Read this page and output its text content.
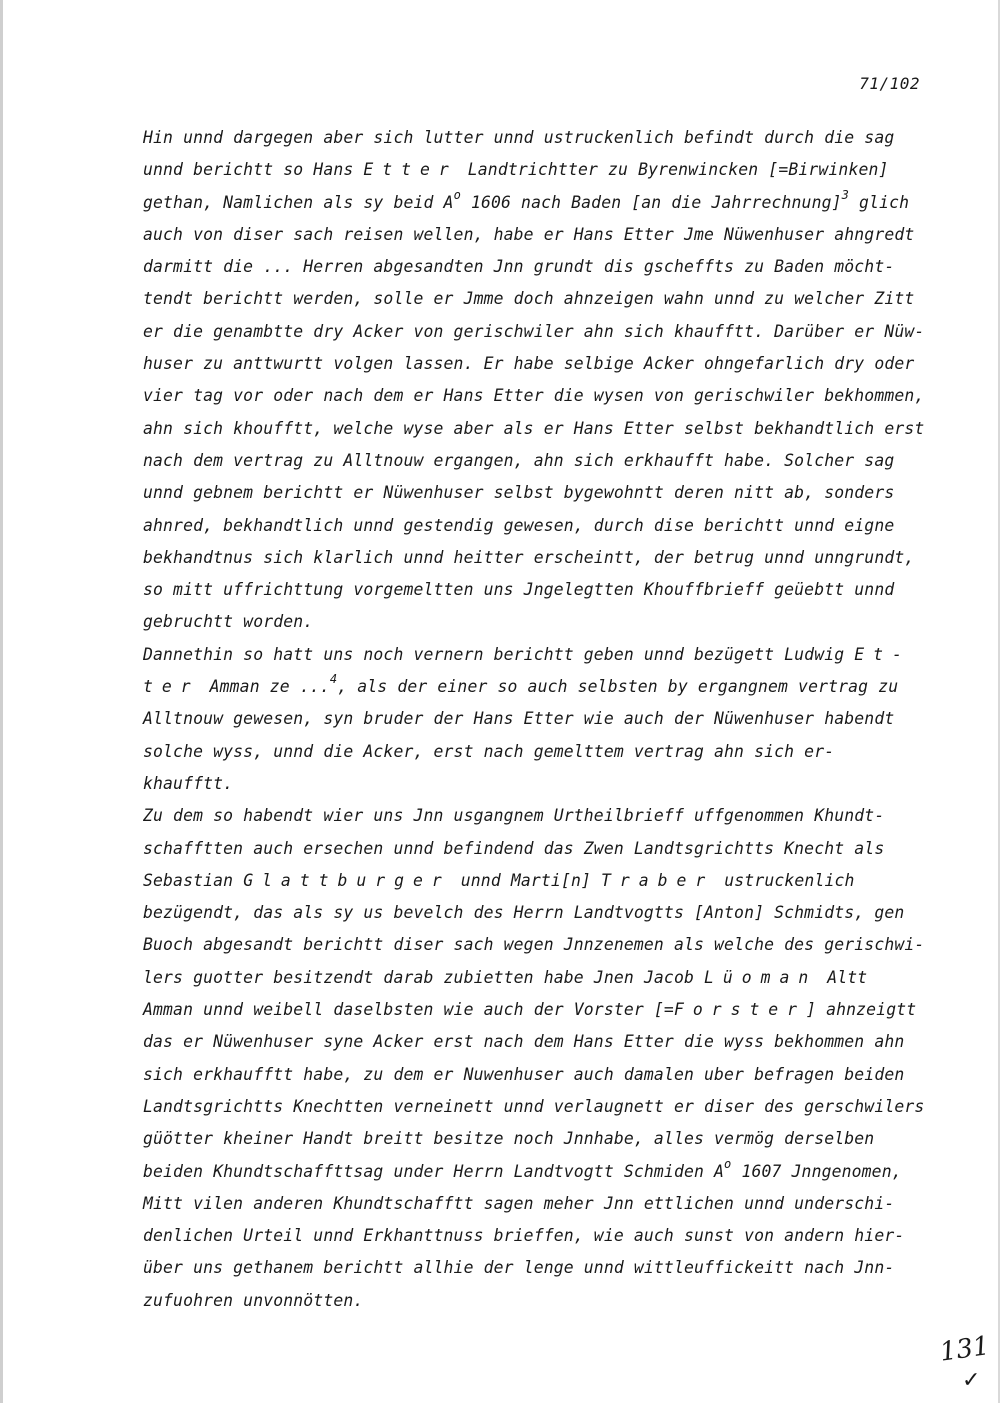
71/102
Hin unnd dargegen aber sich lutter unnd ustruckenlich befindt durch die sag
unnd berichtt so Hans Etter Landtrichtter zu Byrenwincken [=Birwinken]
gethan, Namlichen als sy beid $A^o$ 1606 nach Baden [an die Jahrrechnung]$^3$ glich
auch von diser sach reisen wellen, habe er Hans Etter Jme Nüwenhuser ahngredt
darmitt die ... Herren abgesandten Jnn grundt dis gscheffts zu Baden möcht-
tendt berichtt werden, solle er Jmme doch ahnzeigen wahn unnd zu welcher Zitt
er die genambtte dry Acker von gerischwiler ahn sich khaufftt. Darüber er Nüw-
huser zu anttwurtt volgen lassen. Er habe selbige Acker ohngefarlich dry oder
vier tag vor oder nach dem er Hans Etter die wysen von gerischwiler bekhommen,
ahn sich khoufftt, welche wyse aber als er Hans Etter selbst bekhandtlich erst
nach dem vertrag zu Alltnouw ergangen, ahn sich erkhaufft habe. Solcher sag
unnd gebnem berichtt er Nüwenhuser selbst bygewohntt deren nitt ab, sonders
ahnred, bekhandtlich unnd gestendig gewesen, durch dise berichtt unnd eigne
bekhandtnus sich klarlich unnd heitter erscheintt, der betrug unnd unngrundt,
so mitt uffrichttung vorgemeltten uns Jngelegtten Khouffbrieff geüebtt unnd
gebruchtt worden.
Dannethin so hatt uns noch vernern berichtt geben unnd bezügett Ludwig Et-
ter Amman ze ...$^4$, als der einer so auch selbsten by ergangnem vertrag zu
Alltnouw gewesen, syn bruder der Hans Etter wie auch der Nüwenhuser habendt
solche wyss, unnd die Acker, erst nach gemelttem vertrag ahn sich er-
khaufftt.
Zu dem so habendt wier uns Jnn usgangnem Urtheilbrieff uffgenommen Khundt-
schafftten auch ersechen unnd befindend das Zwen Landtsgrichtts Knecht als
Sebastian Glattburger unnd Marti[n] Traber ustruckenlich
bezügendt, das als sy us bevelch des Herrn Landtvogtts [Anton] Schmidts, gen
Buoch abgesandt berichtt diser sach wegen Jnnzenemen als welche des gerischwi-
lers guotter besitzendt darab zubietten habe Jnen Jacob Lüoman Altt
Amman unnd weibell daselbsten wie auch der Vorster [=Forster] ahnzeigtt
das er Nüwenhuser syne Acker erst nach dem Hans Etter die wyss bekhommen ahn
sich erkhaufftt habe, zu dem er Nuwenhuser auch damalen uber befragen beiden
Landtsgrichtts Knechtten verneinett unnd verlaugnett er diser des gerschwilers
güötter kheiner Handt breitt besitze noch Jnnhabe, alles vermög derselben
beiden Khundtschaffttsag under Herrn Landtvogtt Schmiden $A^o$ 1607 Jnngenomen,
Mitt vilen anderen Khundtschafftt sagen meher Jnn ettlichen unnd underschi-
denlichen Urteil unnd Erkhanttnuss brieffen, wie auch sunst von andern hier-
über uns gethanem berichtt allhie der lenge unnd wittleuffickeitt nach Jnn-
zufuohren unvonnötten.
131
✓
